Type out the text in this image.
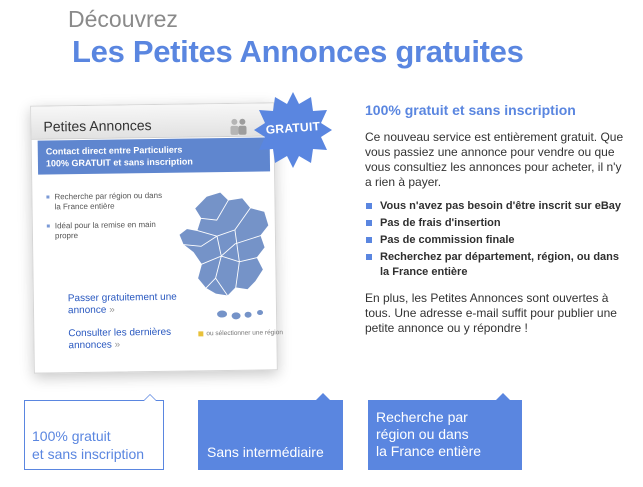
Découvrez
Les Petites Annonces gratuites
Petites Annonces
Contact direct entre Particuliers
100% GRATUIT et sans inscription
Recherche par région ou dans la France entière
Idéal pour la remise en main propre
Passer gratuitement une annonce »
Consulter les dernières annonces »
ou sélectionner une région
GRATUIT
100% gratuit et sans inscription

Ce nouveau service est entièrement gratuit. Que vous passiez une annonce pour vendre ou que vous consultiez les annonces pour acheter, il n'y a rien à payer.

Vous n'avez pas besoin d'être inscrit sur eBay
Pas de frais d'insertion
Pas de commission finale
Recherchez par département, région, ou dans la France entière

En plus, les Petites Annonces sont ouvertes à tous. Une adresse e-mail suffit pour publier une petite annonce ou y répondre !

100% gratuit
et sans inscription	Sans intermédiaire
Recherche par
région ou dans
la France entière
